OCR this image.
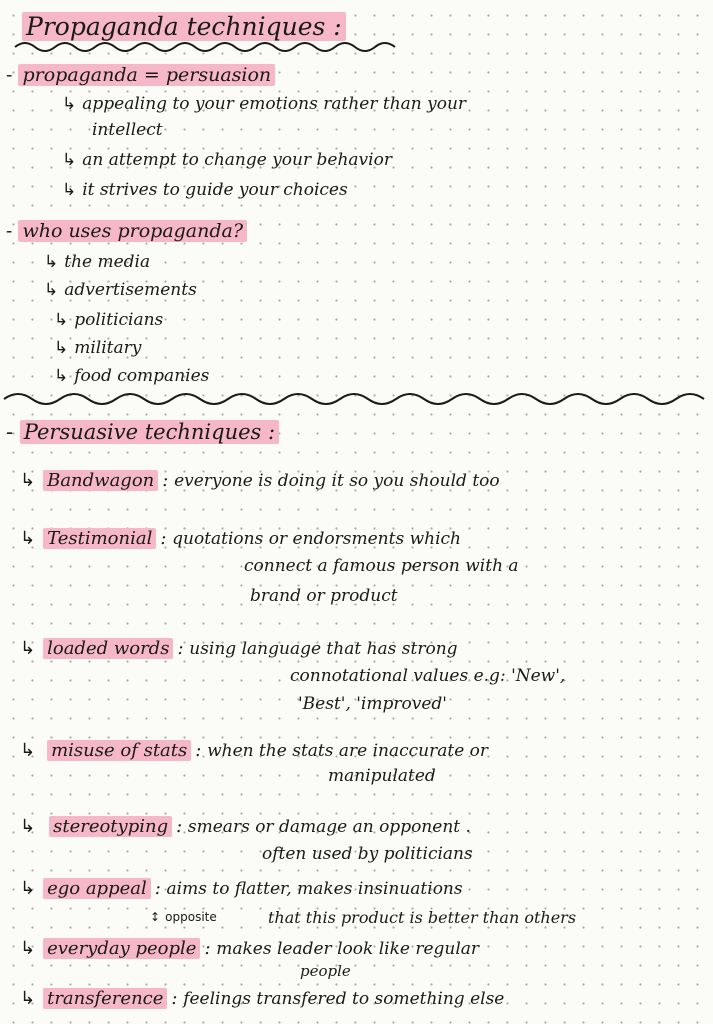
Propaganda techniques :
- propaganda = persuasion
↳ appealing to your emotions rather than your
intellect
↳ an attempt to change your behavior
↳ it strives to guide your choices
- who uses propaganda?
↳ the media
↳ advertisements
↳ politicians
↳ military
↳ food companies
- Persuasive techniques :
↳ Bandwagon : everyone is doing it so you should too
↳ Testimonial : quotations or endorsments which
connect a famous person with a
brand or product
↳ loaded words : using language that has strong
connotational values e.g: 'New',
'Best', 'improved'
↳ misuse of stats : when the stats are inaccurate or
manipulated
↳ stereotyping : smears or damage an opponent .
often used by politicians
↳ ego appeal : aims to flatter, makes insinuations
↕ opposite	that this product is better than others
↳ everyday people : makes leader look like regular
people
↳ transference : feelings transfered to something else
